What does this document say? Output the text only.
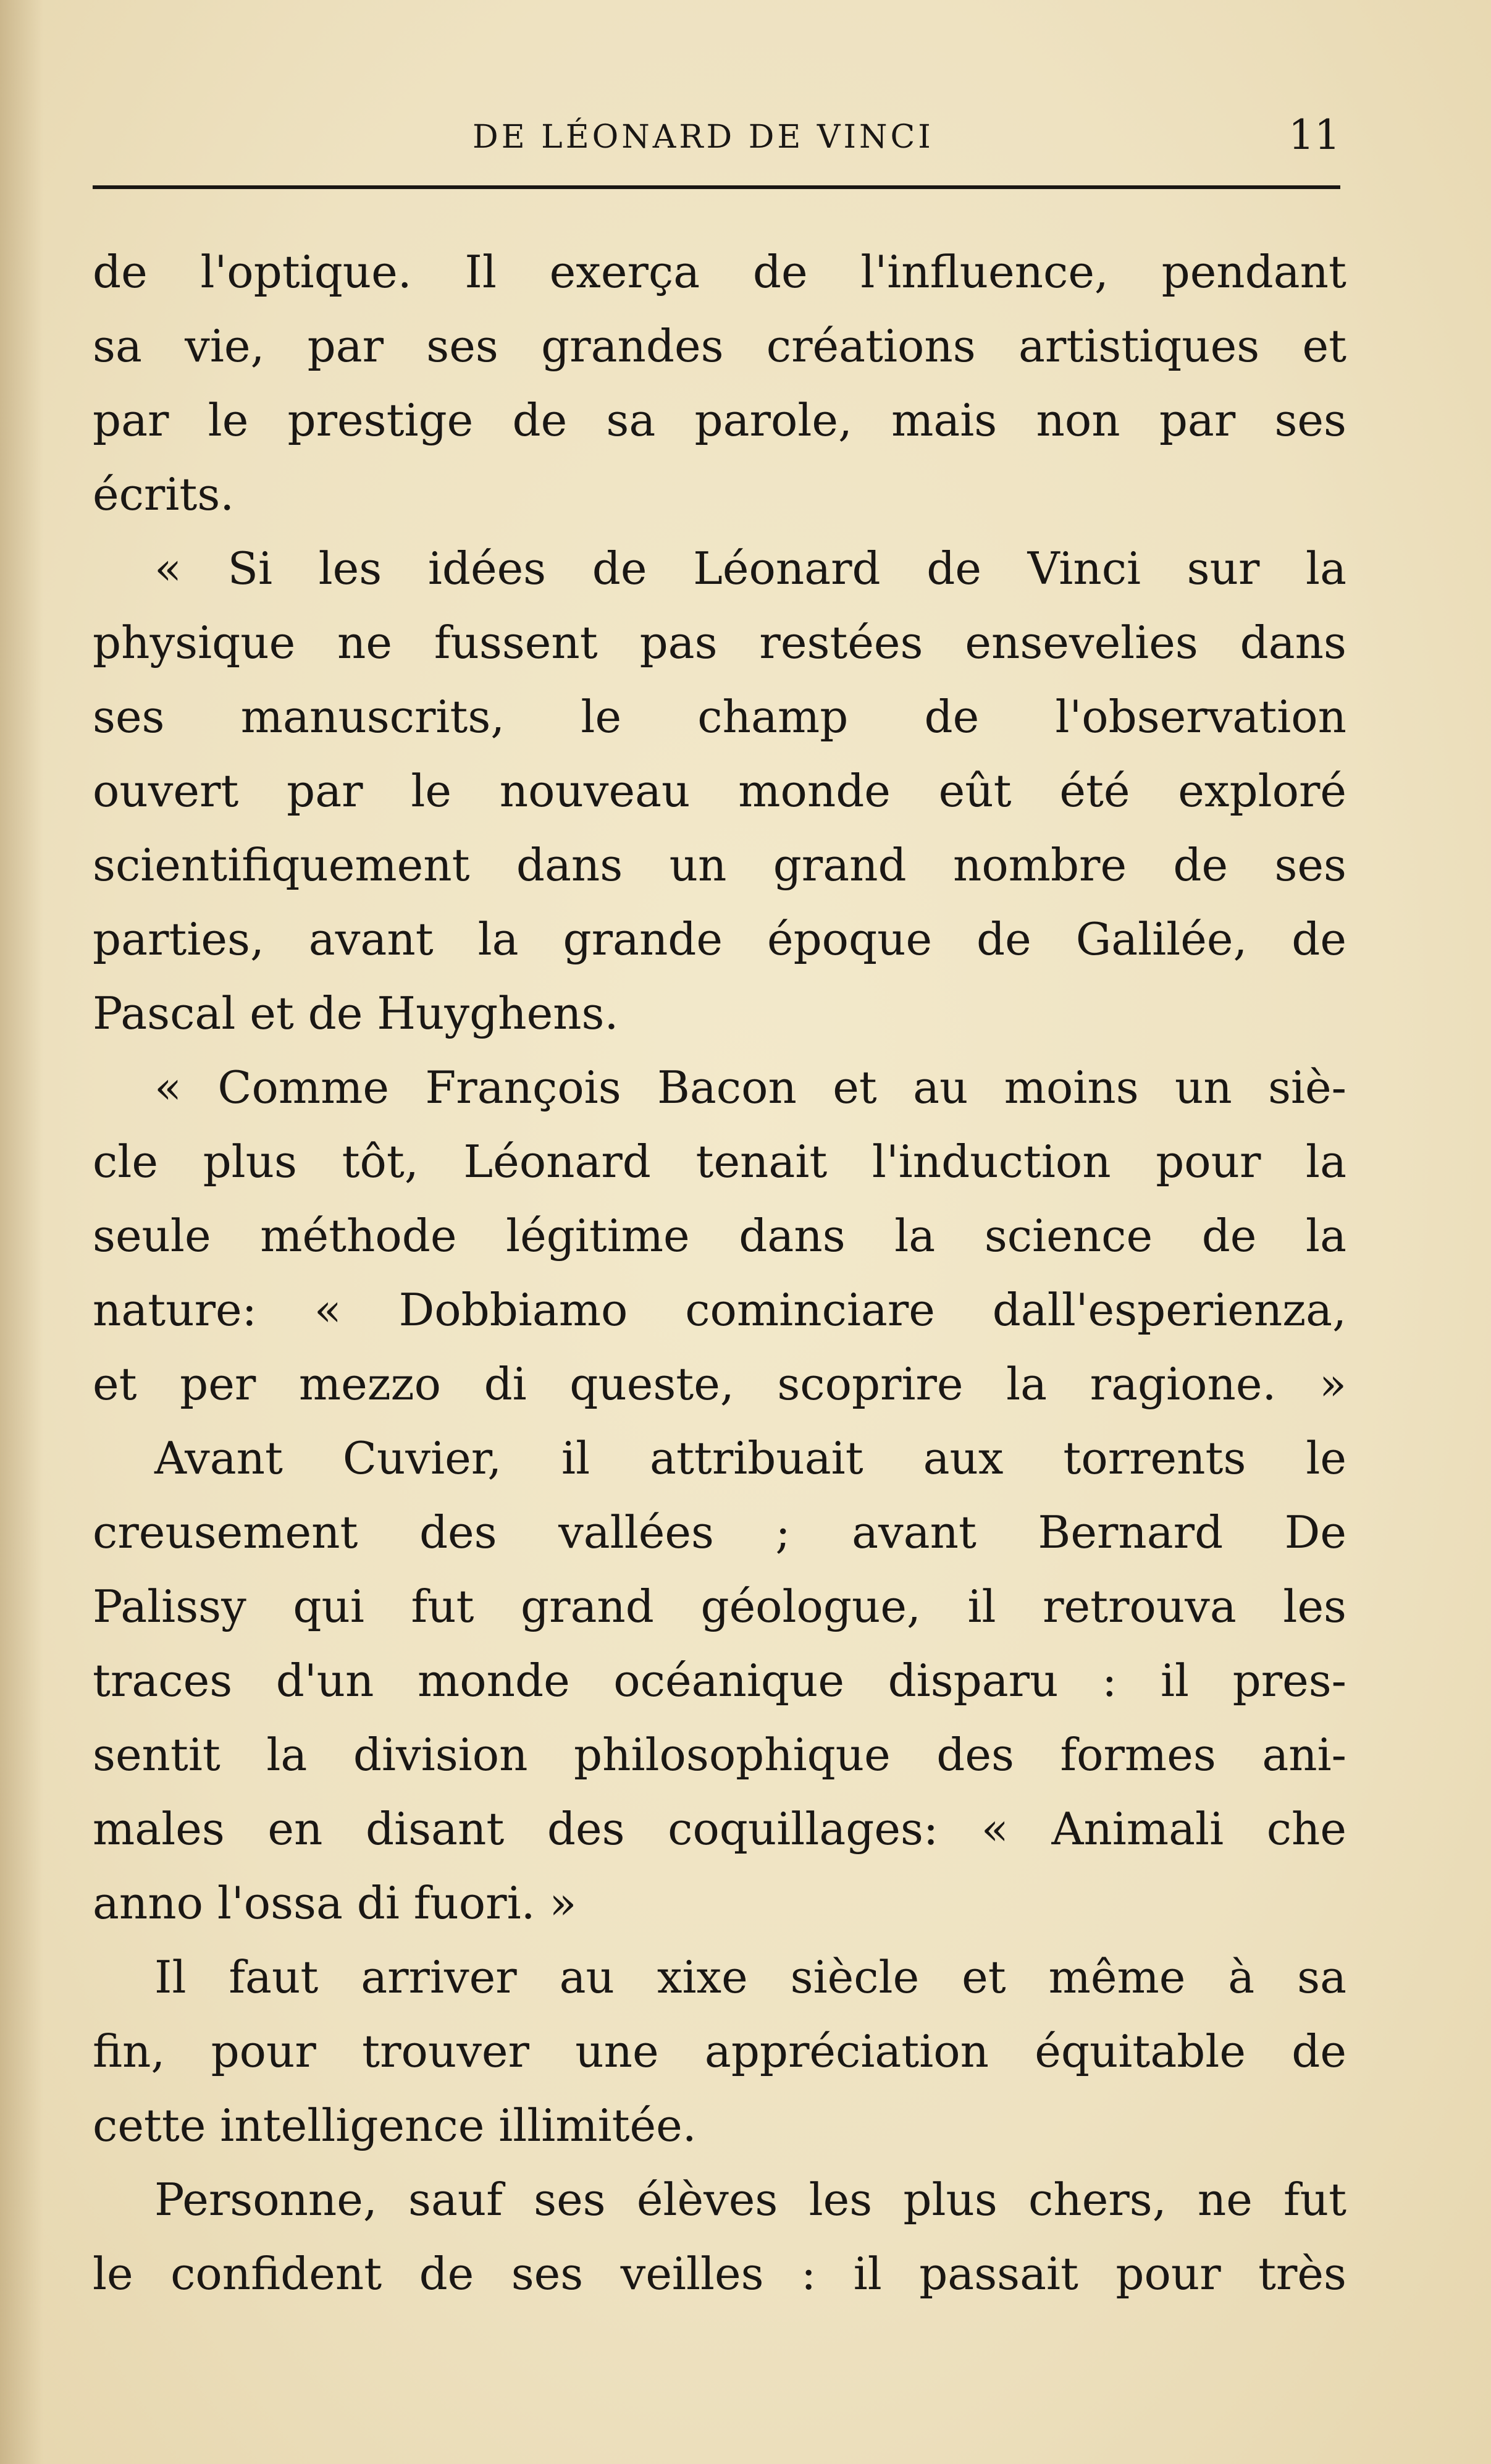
DE LÉONARD DE VINCI	11
de l'optique. Il exerça de l'influence, pendant
sa vie, par ses grandes créations artistiques et
par le prestige de sa parole, mais non par ses
écrits.
« Si les idées de Léonard de Vinci sur la
physique ne fussent pas restées ensevelies dans
ses manuscrits, le champ de l'observation
ouvert par le nouveau monde eût été exploré
scientifiquement dans un grand nombre de ses
parties, avant la grande époque de Galilée, de
Pascal et de Huyghens.
« Comme François Bacon et au moins un siè-
cle plus tôt, Léonard tenait l'induction pour la
seule méthode légitime dans la science de la
nature: « Dobbiamo cominciare dall'esperienza,
et per mezzo di queste, scoprire la ragione. »
Avant Cuvier, il attribuait aux torrents le
creusement des vallées ; avant Bernard De
Palissy qui fut grand géologue, il retrouva les
traces d'un monde océanique disparu : il pres-
sentit la division philosophique des formes ani-
males en disant des coquillages: « Animali che
anno l'ossa di fuori. »
Il faut arriver au xixe siècle et même à sa
fin, pour trouver une appréciation équitable de
cette intelligence illimitée.
Personne, sauf ses élèves les plus chers, ne fut
le confident de ses veilles : il passait pour très
